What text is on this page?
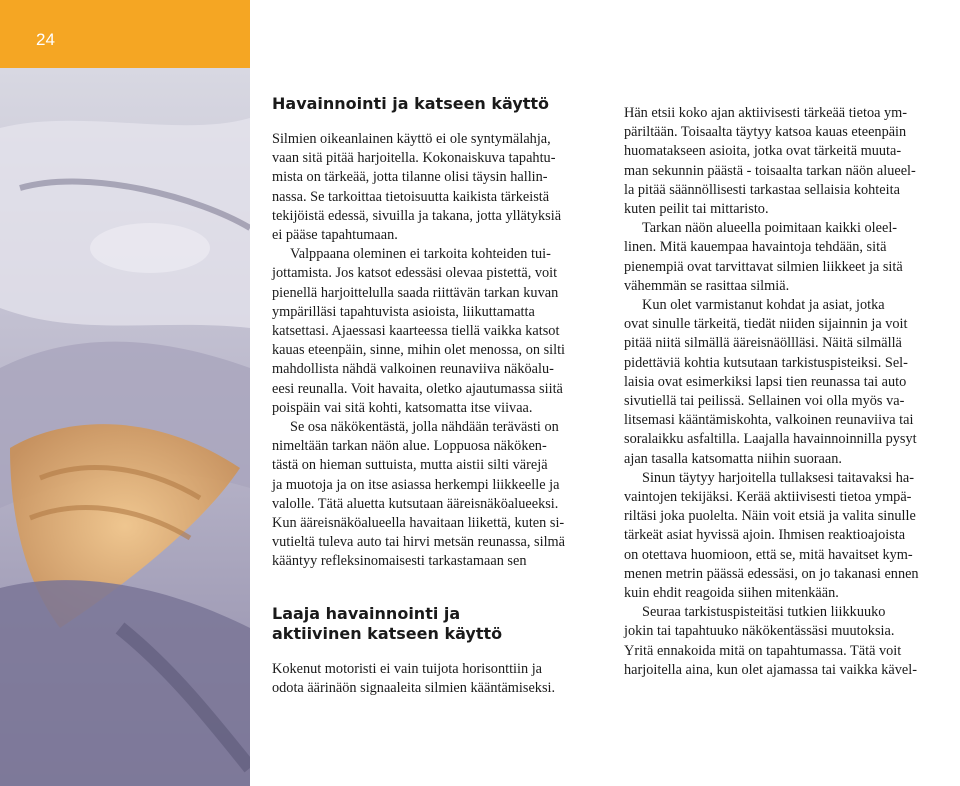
24
Havainnointi ja katseen käyttö

Silmien oikeanlainen käyttö ei ole syntymälahja,

vaan sitä pitää harjoitella. Kokonaiskuva tapahtu-

mista on tärkeää, jotta tilanne olisi täysin hallin-

nassa. Se tarkoittaa tietoisuutta kaikista tärkeistä

tekijöistä edessä, sivuilla ja takana, jotta yllätyksiä

ei pääse tapahtumaan.

Valppaana oleminen ei tarkoita kohteiden tui-

jottamista. Jos katsot edessäsi olevaa pistettä, voit

pienellä harjoittelulla saada riittävän tarkan kuvan

ympärilläsi tapahtuvista asioista, liikuttamatta

katsettasi. Ajaessasi kaarteessa tiellä vaikka katsot

kauas eteenpäin, sinne, mihin olet menossa, on silti

mahdollista nähdä valkoinen reunaviiva näköalu-

eesi reunalla. Voit havaita, oletko ajautumassa siitä

poispäin vai sitä kohti, katsomatta itse viivaa.

Se osa näkökentästä, jolla nähdään terävästi on

nimeltään tarkan näön alue. Loppuosa näköken-

tästä on hieman suttuista, mutta aistii silti värejä

ja muotoja ja on itse asiassa herkempi liikkeelle ja

valolle. Tätä aluetta kutsutaan ääreisnäköalueeksi.

Kun ääreisnäköalueella havaitaan liikettä, kuten si-

vutieltä tuleva auto tai hirvi metsän reunassa, silmä

kääntyy refleksinomaisesti tarkastamaan sen

Laaja havainnointi ja
aktiivinen katseen käyttö

Kokenut motoristi ei vain tuijota horisonttiin ja

odota äärinäön signaaleita silmien kääntämiseksi.

Hän etsii koko ajan aktiivisesti tärkeää tietoa ym-

päriltään. Toisaalta täytyy katsoa kauas eteenpäin

huomatakseen asioita, jotka ovat tärkeitä muuta-

man sekunnin päästä - toisaalta tarkan näön alueel-

la pitää säännöllisesti tarkastaa sellaisia kohteita

kuten peilit tai mittaristo.

Tarkan näön alueella poimitaan kaikki oleel-

linen. Mitä kauempaa havaintoja tehdään, sitä

pienempiä ovat tarvittavat silmien liikkeet ja sitä

vähemmän se rasittaa silmiä.

Kun olet varmistanut kohdat ja asiat, jotka

ovat sinulle tärkeitä, tiedät niiden sijainnin ja voit

pitää niitä silmällä ääreisnäöllläsi. Näitä silmällä

pidettäviä kohtia kutsutaan tarkistuspisteiksi. Sel-

laisia ovat esimerkiksi lapsi tien reunassa tai auto

sivutiellä tai peilissä. Sellainen voi olla myös va-

litsemasi kääntämiskohta, valkoinen reunaviiva tai

soralaikku asfaltilla. Laajalla havainnoinnilla pysyt

ajan tasalla katsomatta niihin suoraan.

Sinun täytyy harjoitella tullaksesi taitavaksi ha-

vaintojen tekijäksi. Kerää aktiivisesti tietoa ympä-

riltäsi joka puolelta. Näin voit etsiä ja valita sinulle

tärkeät asiat hyvissä ajoin. Ihmisen reaktioajoista

on otettava huomioon, että se, mitä havaitset kym-

menen metrin päässä edessäsi, on jo takanasi ennen

kuin ehdit reagoida siihen mitenkään.

Seuraa tarkistuspisteitäsi tutkien liikkuuko

jokin tai tapahtuuko näkökentässäsi muutoksia.

Yritä ennakoida mitä on tapahtumassa. Tätä voit

harjoitella aina, kun olet ajamassa tai vaikka kävel-
